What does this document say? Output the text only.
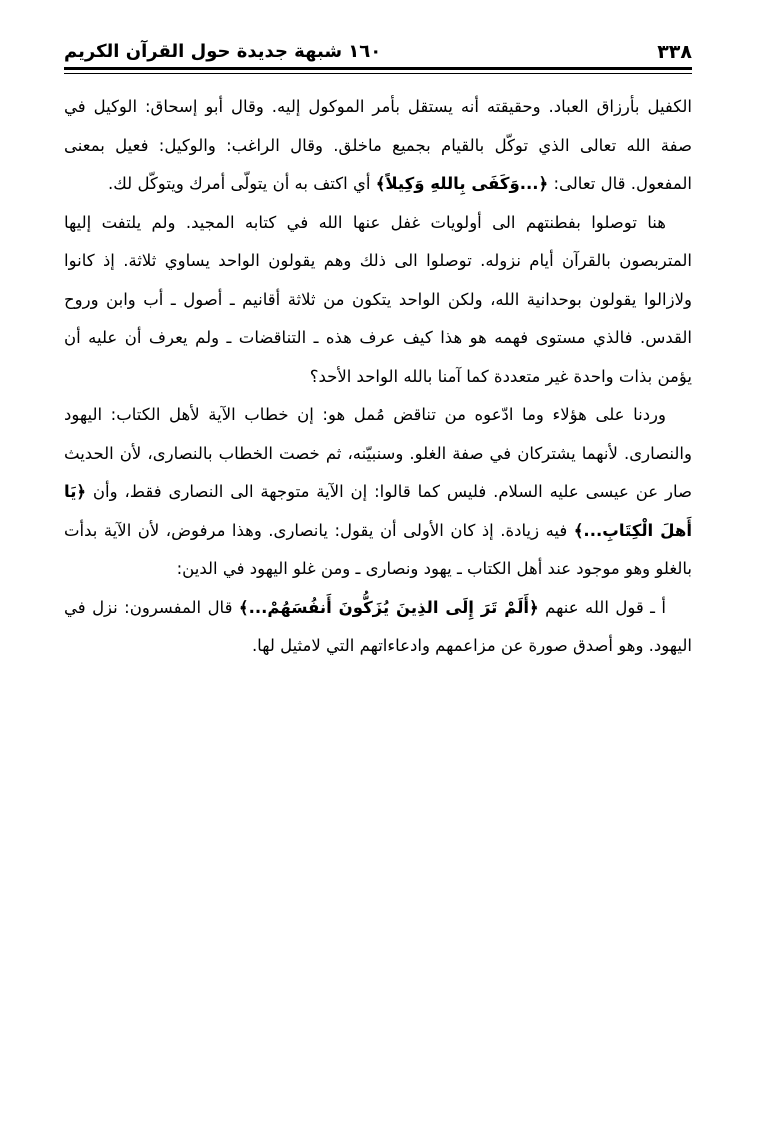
٣٣٨
١٦٠ شبهة جديدة حول القرآن الكريم

الكفيل بأرزاق العباد. وحقيقته أنه يستقل بأمر الموكول إليه. وقال أبو إسحاق: الوكيل في صفة الله تعالى الذي توكّل بالقيام بجميع ماخلق. وقال الراغب: والوكيل: فعيل بمعنى المفعول. قال تعالى: ﴿...وَكَفَى بِاللهِ وَكِيلاً﴾ أي اكتف به أن يتولّى أمرك ويتوكّل لك.

هنا توصلوا بفطنتهم الى أولويات غفل عنها الله في كتابه المجيد. ولم يلتفت إليها المتربصون بالقرآن أيام نزوله. توصلوا الى ذلك وهم يقولون الواحد يساوي ثلاثة. إذ كانوا ولازالوا يقولون بوحدانية الله، ولكن الواحد يتكون من ثلاثة أقانيم ـ أصول ـ أب وابن وروح القدس. فالذي مستوى فهمه هو هذا كيف عرف هذه ـ التناقضات ـ ولم يعرف أن عليه أن يؤمن بذات واحدة غير متعددة كما آمنا بالله الواحد الأحد؟

وردنا على هؤلاء وما ادّعوه من تناقض مُمل هو: إن خطاب الآية لأهل الكتاب: اليهود والنصارى. لأنهما يشتركان في صفة الغلو. وسنبيّنه، ثم خصت الخطاب بالنصارى، لأن الحديث صار عن عيسى عليه السلام. فليس كما قالوا: إن الآية متوجهة الى النصارى فقط، وأن ﴿يَا أَهلَ الْكِتَابِ...﴾ فيه زيادة. إذ كان الأولى أن يقول: يانصارى. وهذا مرفوض، لأن الآية بدأت بالغلو وهو موجود عند أهل الكتاب ـ يهود ونصارى ـ ومن غلو اليهود في الدين:

أ ـ قول الله عنهم ﴿أَلَمْ تَرَ إِلَى الذِينَ يُزَكُّونَ أَنفُسَهُمْ...﴾ قال المفسرون: نزل في اليهود. وهو أصدق صورة عن مزاعمهم وادعاءاتهم التي لامثيل لها.
